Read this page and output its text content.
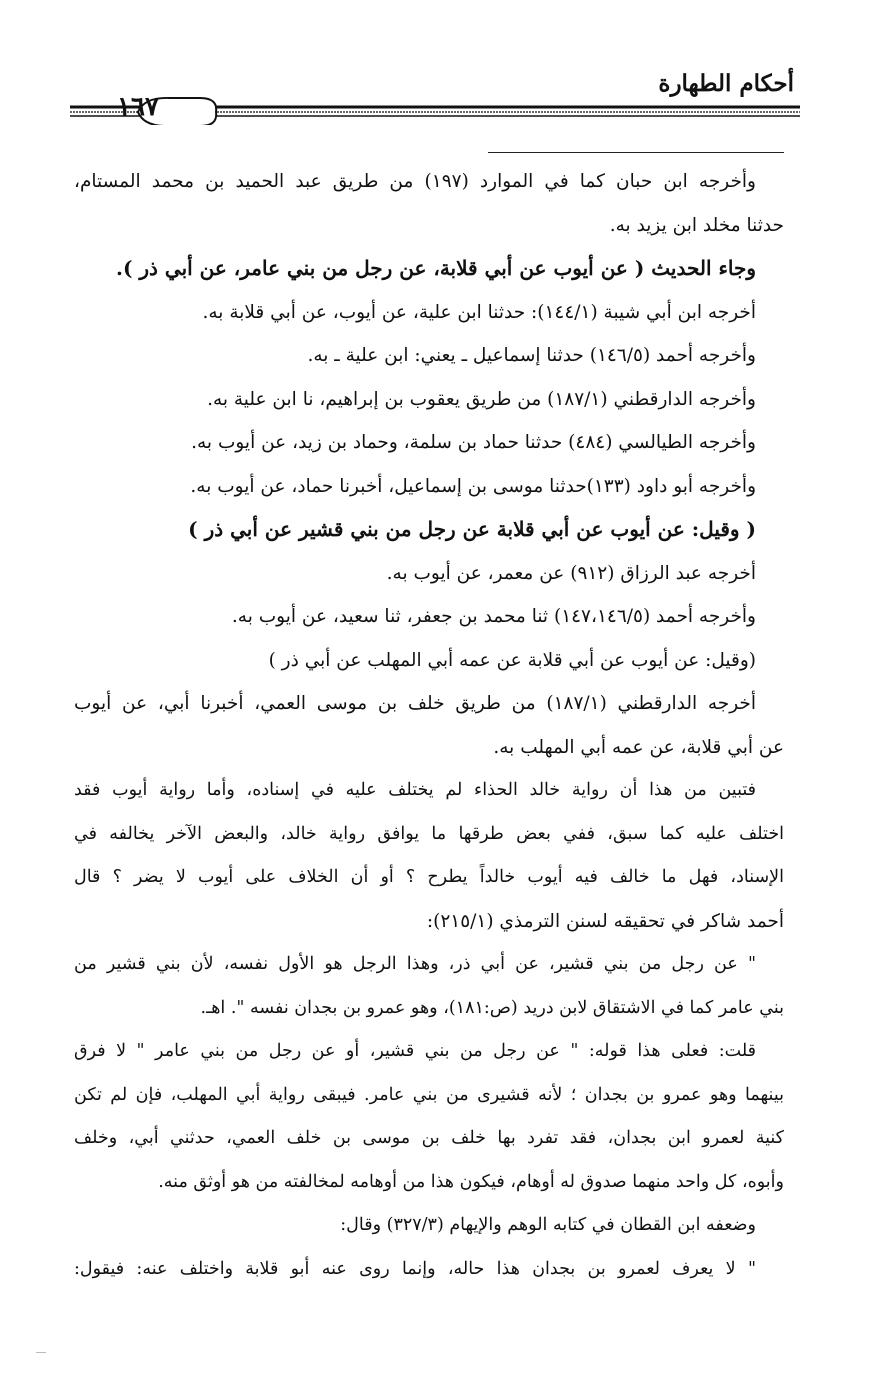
أحكام الطهارة
١٦٧
وأخرجه ابن حبان كما في الموارد (١٩٧) من طريق عبد الحميد بن محمد المستام،
حدثنا مخلد ابن يزيد به.
وجاء الحديث ( عن أيوب عن أبي قلابة، عن رجل من بني عامر، عن أبي ذر ).
أخرجه ابن أبي شيبة (١٤٤/١): حدثنا ابن علية، عن أيوب، عن أبي قلابة به.
وأخرجه أحمد (١٤٦/٥) حدثنا إسماعيل ـ يعني: ابن علية ـ به.
وأخرجه الدارقطني (١٨٧/١) من طريق يعقوب بن إبراهيم، نا ابن علية به.
وأخرجه الطيالسي (٤٨٤) حدثنا حماد بن سلمة، وحماد بن زيد، عن أيوب به.
وأخرجه أبو داود (١٣٣)حدثنا موسى بن إسماعيل، أخبرنا حماد، عن أيوب به.
( وقيل: عن أيوب عن أبي قلابة عن رجل من بني قشير عن أبي ذر )
أخرجه عبد الرزاق (٩١٢) عن معمر، عن أيوب به.
وأخرجه أحمد (١٤٧،١٤٦/٥) ثنا محمد بن جعفر، ثنا سعيد، عن أيوب به.
(وقيل: عن أيوب عن أبي قلابة عن عمه أبي المهلب عن أبي ذر )
أخرجه الدارقطني (١٨٧/١) من طريق خلف بن موسى العمي، أخبرنا أبي، عن أيوب
عن أبي قلابة، عن عمه أبي المهلب به.
فتبين من هذا أن رواية خالد الحذاء لم يختلف عليه في إسناده، وأما رواية أيوب فقد
اختلف عليه كما سبق، ففي بعض طرقها ما يوافق رواية خالد، والبعض الآخر يخالفه في
الإسناد، فهل ما خالف فيه أيوب خالداً يطرح ؟ أو أن الخلاف على أيوب لا يضر ؟ قال
أحمد شاكر في تحقيقه لسنن الترمذي (٢١٥/١):
" عن رجل من بني قشير، عن أبي ذر، وهذا الرجل هو الأول نفسه، لأن بني قشير من
بني عامر كما في الاشتقاق لابن دريد (ص:١٨١)، وهو عمرو بن بجدان نفسه ". اهـ.
قلت: فعلى هذا قوله: " عن رجل من بني قشير، أو عن رجل من بني عامر " لا فرق
بينهما وهو عمرو بن بجدان ؛ لأنه قشيرى من بني عامر. فيبقى رواية أبي المهلب، فإن لم تكن
كنية لعمرو ابن بجدان، فقد تفرد بها خلف بن موسى بن خلف العمي، حدثني أبي، وخلف
وأبوه، كل واحد منهما صدوق له أوهام، فيكون هذا من أوهامه لمخالفته من هو أوثق منه.
وضعفه ابن القطان في كتابه الوهم والإيهام (٣٢٧/٣) وقال:
" لا يعرف لعمرو بن بجدان هذا حاله، وإنما روى عنه أبو قلابة واختلف عنه: فيقول:
